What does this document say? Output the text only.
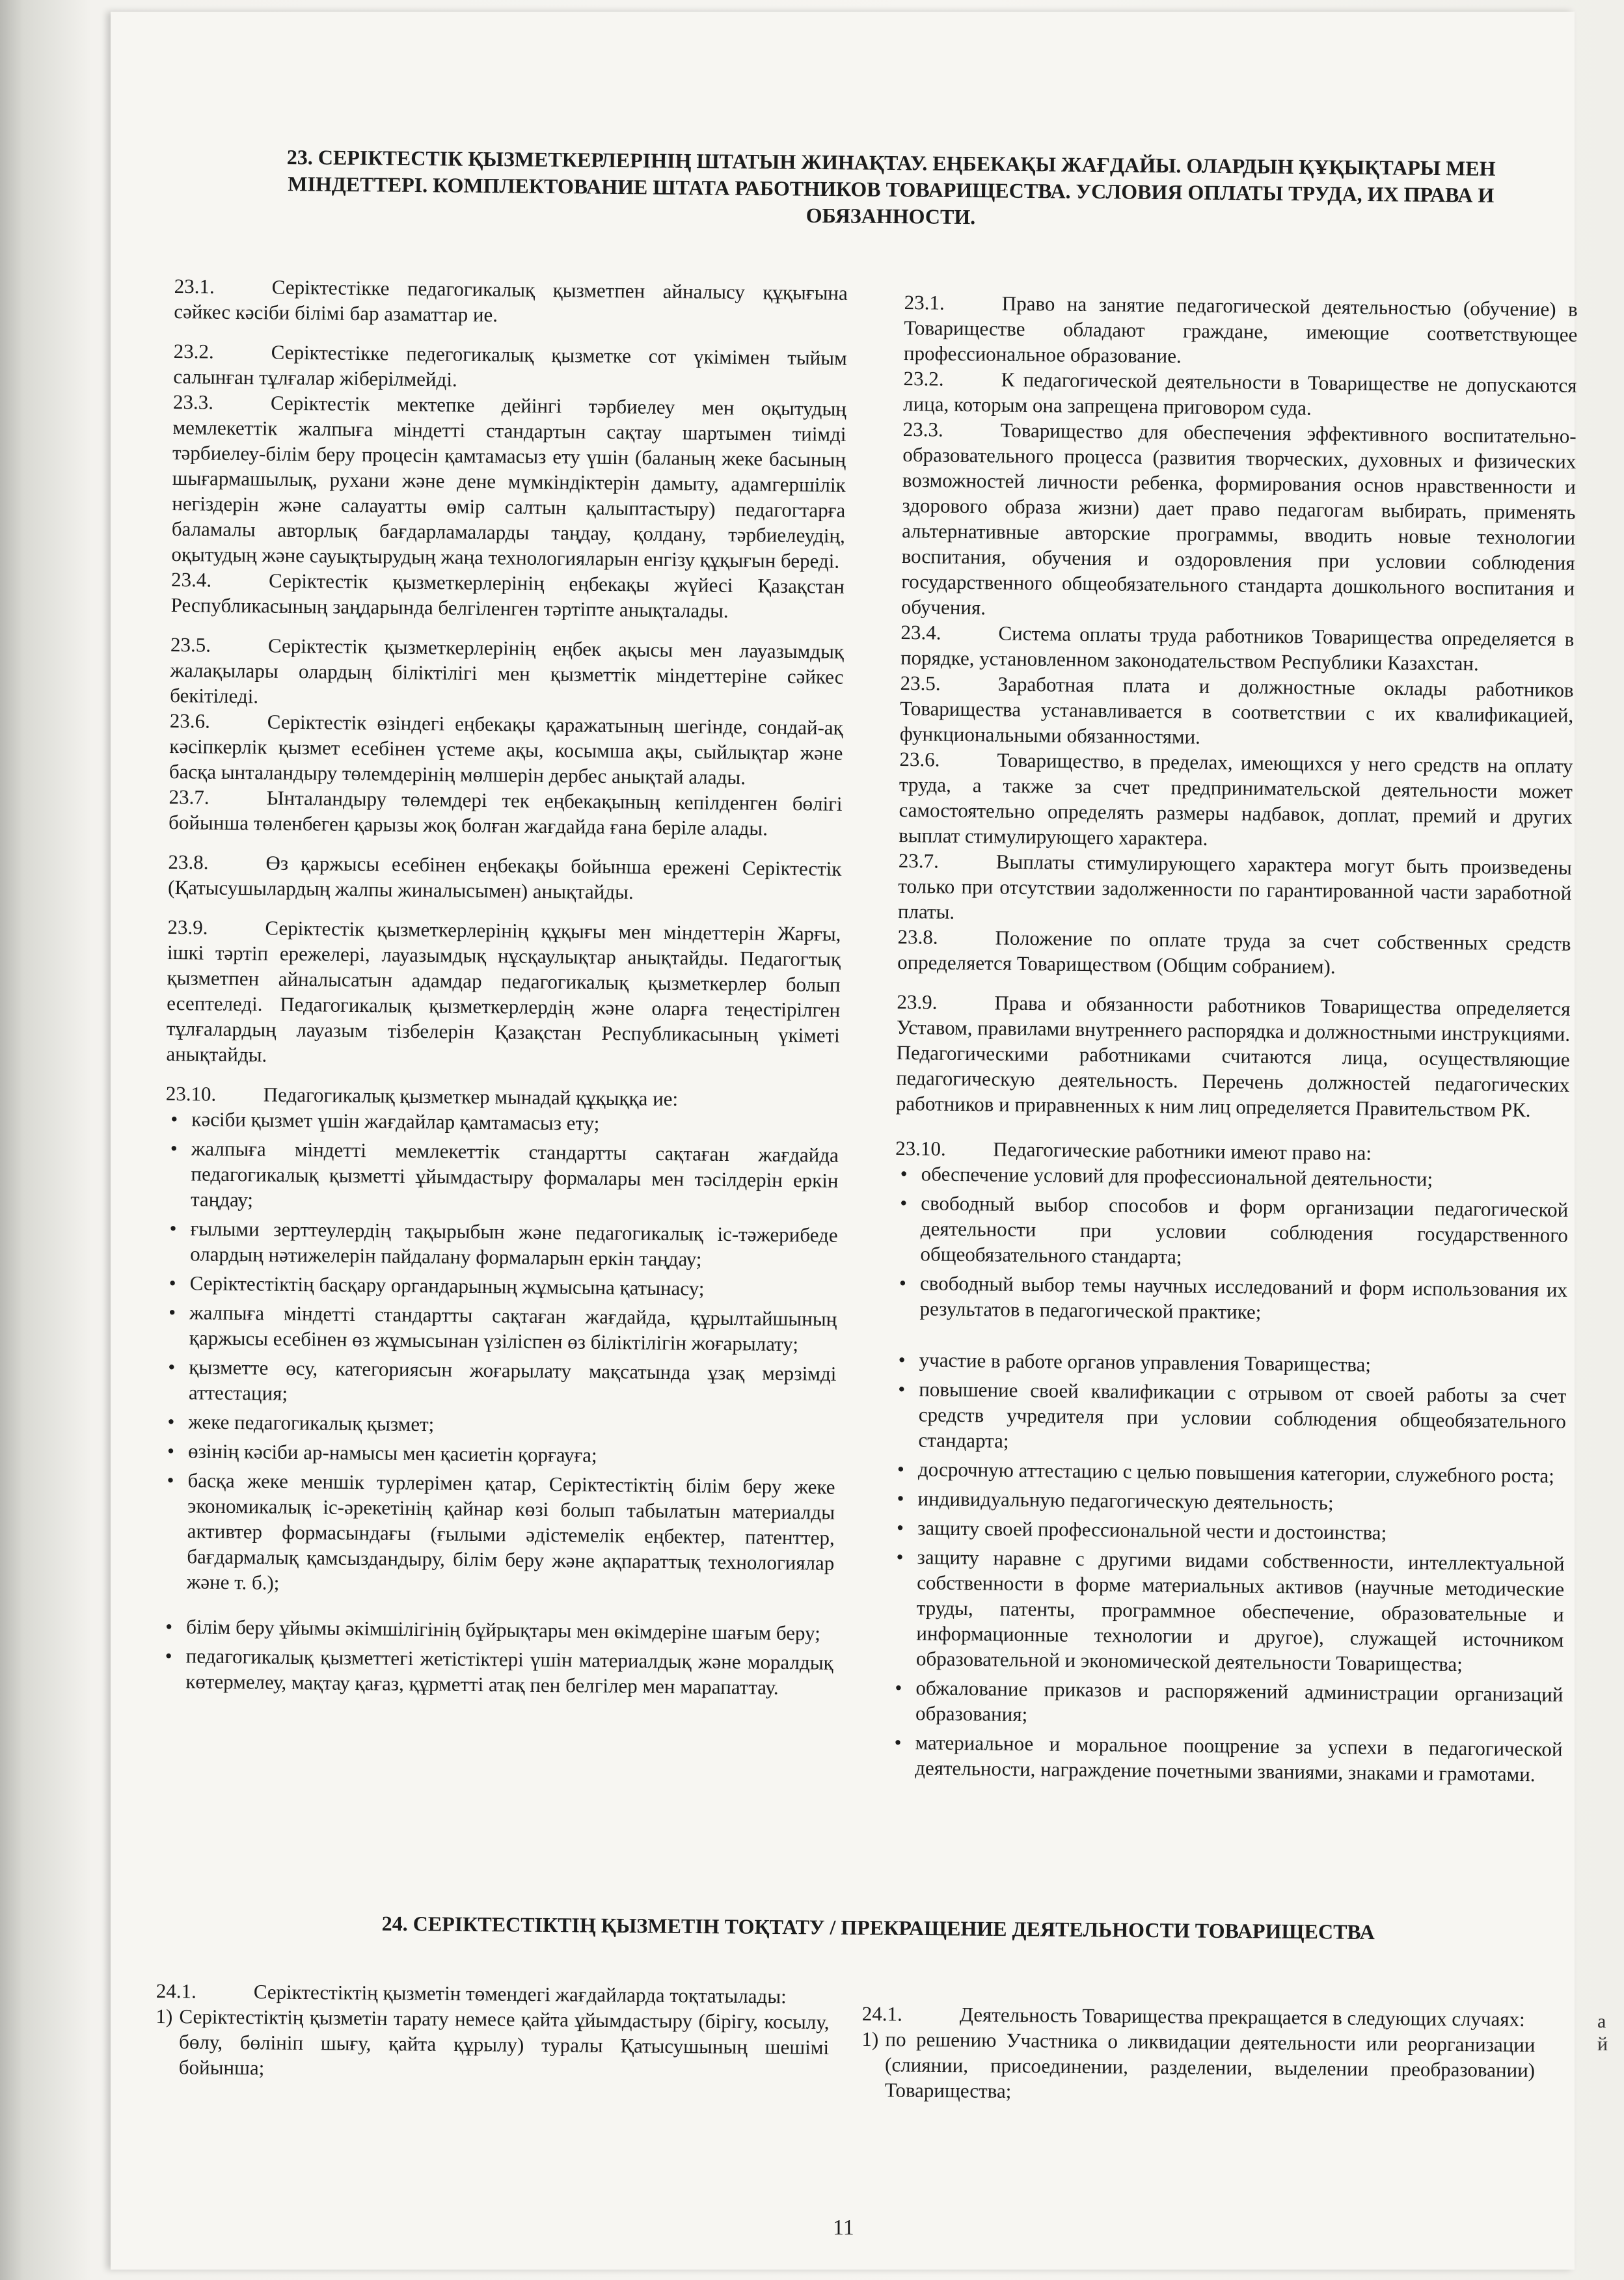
23. СЕРІКТЕСТІК ҚЫЗМЕТКЕРЛЕРІНІҢ ШТАТЫН ЖИНАҚТАУ. ЕҢБЕКАҚЫ ЖАҒДАЙЫ. ОЛАРДЫН ҚҰҚЫҚТАРЫ МЕН МІНДЕТТЕРІ. КОМПЛЕКТОВАНИЕ ШТАТА РАБОТНИКОВ ТОВАРИЩЕСТВА. УСЛОВИЯ ОПЛАТЫ ТРУДА, ИХ ПРАВА И ОБЯЗАННОСТИ.
23.1.	Серіктестікке педагогикалық қызметпен айналысу құқығына сәйкес кәсіби білімі бар азаматтар ие.
23.2.	Серіктестікке педегогикалық қызметке сот үкімімен тыйым салынған тұлғалар жіберілмейді.
23.3.	Серіктестік мектепке дейінгі тәрбиелеу мен оқытудың мемлекеттік жалпыға міндетті стандартын сақтау шартымен тиімді тәрбиелеу-білім беру процесін қамтамасыз ету үшін (баланың жеке басының шығармашылық, рухани және дене мүмкіндіктерін дамыту, адамгершілік негіздерін және салауатты өмір салтын қалыптастыру) педагогтарға баламалы авторлық бағдарламаларды таңдау, қолдану, тәрбиелеудің, оқытудың және сауықтырудың жаңа технологияларын енгізу құқығын береді.
23.4.	Серіктестік қызметкерлерінің еңбекақы жүйесі Қазақстан Республикасының заңдарында белгіленген тәртіпте анықталады.
23.5.	Серіктестік қызметкерлерінің еңбек ақысы мен лауазымдық жалақылары олардың біліктілігі мен қызметтік міндеттеріне сәйкес бекітіледі.
23.6.	Серіктестік өзіндегі еңбекақы қаражатының шегінде, сондай-ақ кәсіпкерлік қызмет есебінен үстеме ақы, косымша ақы, сыйлықтар және басқа ынталандыру төлемдерінің мөлшерін дербес анықтай алады.
23.7.	Ынталандыру төлемдері тек еңбекақының кепілденген бөлігі бойынша төленбеген қарызы жоқ болған жағдайда ғана беріле алады.
23.8.	Өз қаржысы есебінен еңбекақы бойынша ережені Серіктестік (Қатысушылардың жалпы жиналысымен) анықтайды.
23.9.	Серіктестік қызметкерлерінің құқығы мен міндеттерін Жарғы, ішкі тәртіп ережелері, лауазымдық нұсқаулықтар анықтайды. Педагогтық қызметпен айналысатын адамдар педагогикалық қызметкерлер болып есептеледі. Педагогикалық қызметкерлердің және оларға теңестірілген тұлғалардың лауазым тізбелерін Қазақстан Республикасының үкіметі анықтайды.
23.10. Педагогикалық қызметкер мынадай құқыққа ие:
• кәсіби қызмет үшін жағдайлар қамтамасыз ету;
• жалпыға міндетті мемлекеттік стандартты сақтаған жағдайда педагогикалық қызметті ұйымдастыру формалары мен тәсілдерін еркін таңдау;
• ғылыми зерттеулердің тақырыбын және педагогикалық іс-тәжерибеде олардың нәтижелерін пайдалану формаларын еркін таңдау;
• Серіктестіктің басқару органдарының жұмысына қатынасу;
• жалпыға міндетті стандартты сақтаған жағдайда, құрылтайшының қаржысы есебінен өз жұмысынан үзіліспен өз біліктілігін жоғарылату;
• қызметте өсу, категориясын жоғарылату мақсатында ұзақ мерзімді аттестация;
• жеке педагогикалық қызмет;
• өзінің кәсіби ар-намысы мен қасиетін қорғауға;
• басқа жеке меншік турлерімен қатар, Серіктестіктің білім беру жеке экономикалық іс-әрекетінің қайнар көзі болып табылатын материалды активтер формасындағы (ғылыми әдістемелік еңбектер, патенттер, бағдармалық қамсыздандыру, білім беру және ақпараттық технологиялар және т. б.);
• білім беру ұйымы әкімшілігінің бұйрықтары мен өкімдеріне шағым беру;
• педагогикалық қызметтегі жетістіктері үшін материалдық және моралдық көтермелеу, мақтау қағаз, құрметті атақ пен белгілер мен марапаттау.
23.1.	Право на занятие педагогической деятельностью (обучение) в Товариществе обладают граждане, имеющие соответствующее профессиональное образование.
23.2.	К педагогической деятельности в Товариществе не допускаются лица, которым она запрещена приговором суда.
23.3.	Товарищество для обеспечения эффективного воспитательно-образовательного процесса (развития творческих, духовных и физических возможностей личности ребенка, формирования основ нравственности и здорового образа жизни) дает право педагогам выбирать, применять альтернативные авторские программы, вводить новые технологии воспитания, обучения и оздоровления при условии соблюдения государственного общеобязательного стандарта дошкольного воспитания и обучения.
23.4.	Система оплаты труда работников Товарищества определяется в порядке, установленном законодательством Республики Казахстан.
23.5.	Заработная плата и должностные оклады работников Товарищества устанавливается в соответствии с их квалификацией, функциональными обязанностями.
23.6.	Товарищество, в пределах, имеющихся у него средств на оплату труда, а также за счет предпринимательской деятельности может самостоятельно определять размеры надбавок, доплат, премий и других выплат стимулирующего характера.
23.7.	Выплаты стимулирующего характера могут быть произведены только при отсутствии задолженности по гарантированной части заработной платы.
23.8.	Положение по оплате труда за счет собственных средств определяется Товариществом (Общим собранием).
23.9.	Права и обязанности работников Товарищества определяется Уставом, правилами внутреннего распорядка и должностными инструкциями. Педагогическими работниками считаются лица, осуществляющие педагогическую деятельность. Перечень должностей педагогических работников и приравненных к ним лиц определяется Правительством РК.
23.10. Педагогические работники имеют право на:
• обеспечение условий для профессиональной деятельности;
• свободный выбор способов и форм организации педагогической деятельности при условии соблюдения государственного общеобязательного стандарта;
• свободный выбор темы научных исследований и форм использования их результатов в педагогической практике;
• участие в работе органов управления Товарищества;
• повышение своей квалификации с отрывом от своей работы за счет средств учредителя при условии соблюдения общеобязательного стандарта;
• досрочную аттестацию с целью повышения категории, служебного роста;
• индивидуальную педагогическую деятельность;
• защиту своей профессиональной чести и достоинства;
• защиту наравне с другими видами собственности, интеллектуальной собственности в форме материальных активов (научные методические труды, патенты, программное обеспечение, образовательные и информационные технологии и другое), служащей источником образовательной и экономической деятельности Товарищества;
• обжалование приказов и распоряжений администрации организаций образования;
• материальное и моральное поощрение за успехи в педагогической деятельности, награждение почетными званиями, знаками и грамотами.
24. СЕРІКТЕСТІКТІҢ ҚЫЗМЕТІН ТОҚТАТУ / ПРЕКРАЩЕНИЕ ДЕЯТЕЛЬНОСТИ ТОВАРИЩЕСТВА
24.1.	Серіктестіктің қызметін төмендегі жағдайларда тоқтатылады:
1) Серіктестіктің қызметін тарату немесе қайта ұйымдастыру (бірігу, косылу, бөлу, бөлініп шығу, қайта құрылу) туралы Қатысушының шешімі бойынша;
24.1.	Деятельность Товарищества прекращается в следующих случаях:
1) по решению Участника о ликвидации деятельности или реорганизации (слиянии, присоединении, разделении, выделении преобразовании) Товарищества;
11
а
й
